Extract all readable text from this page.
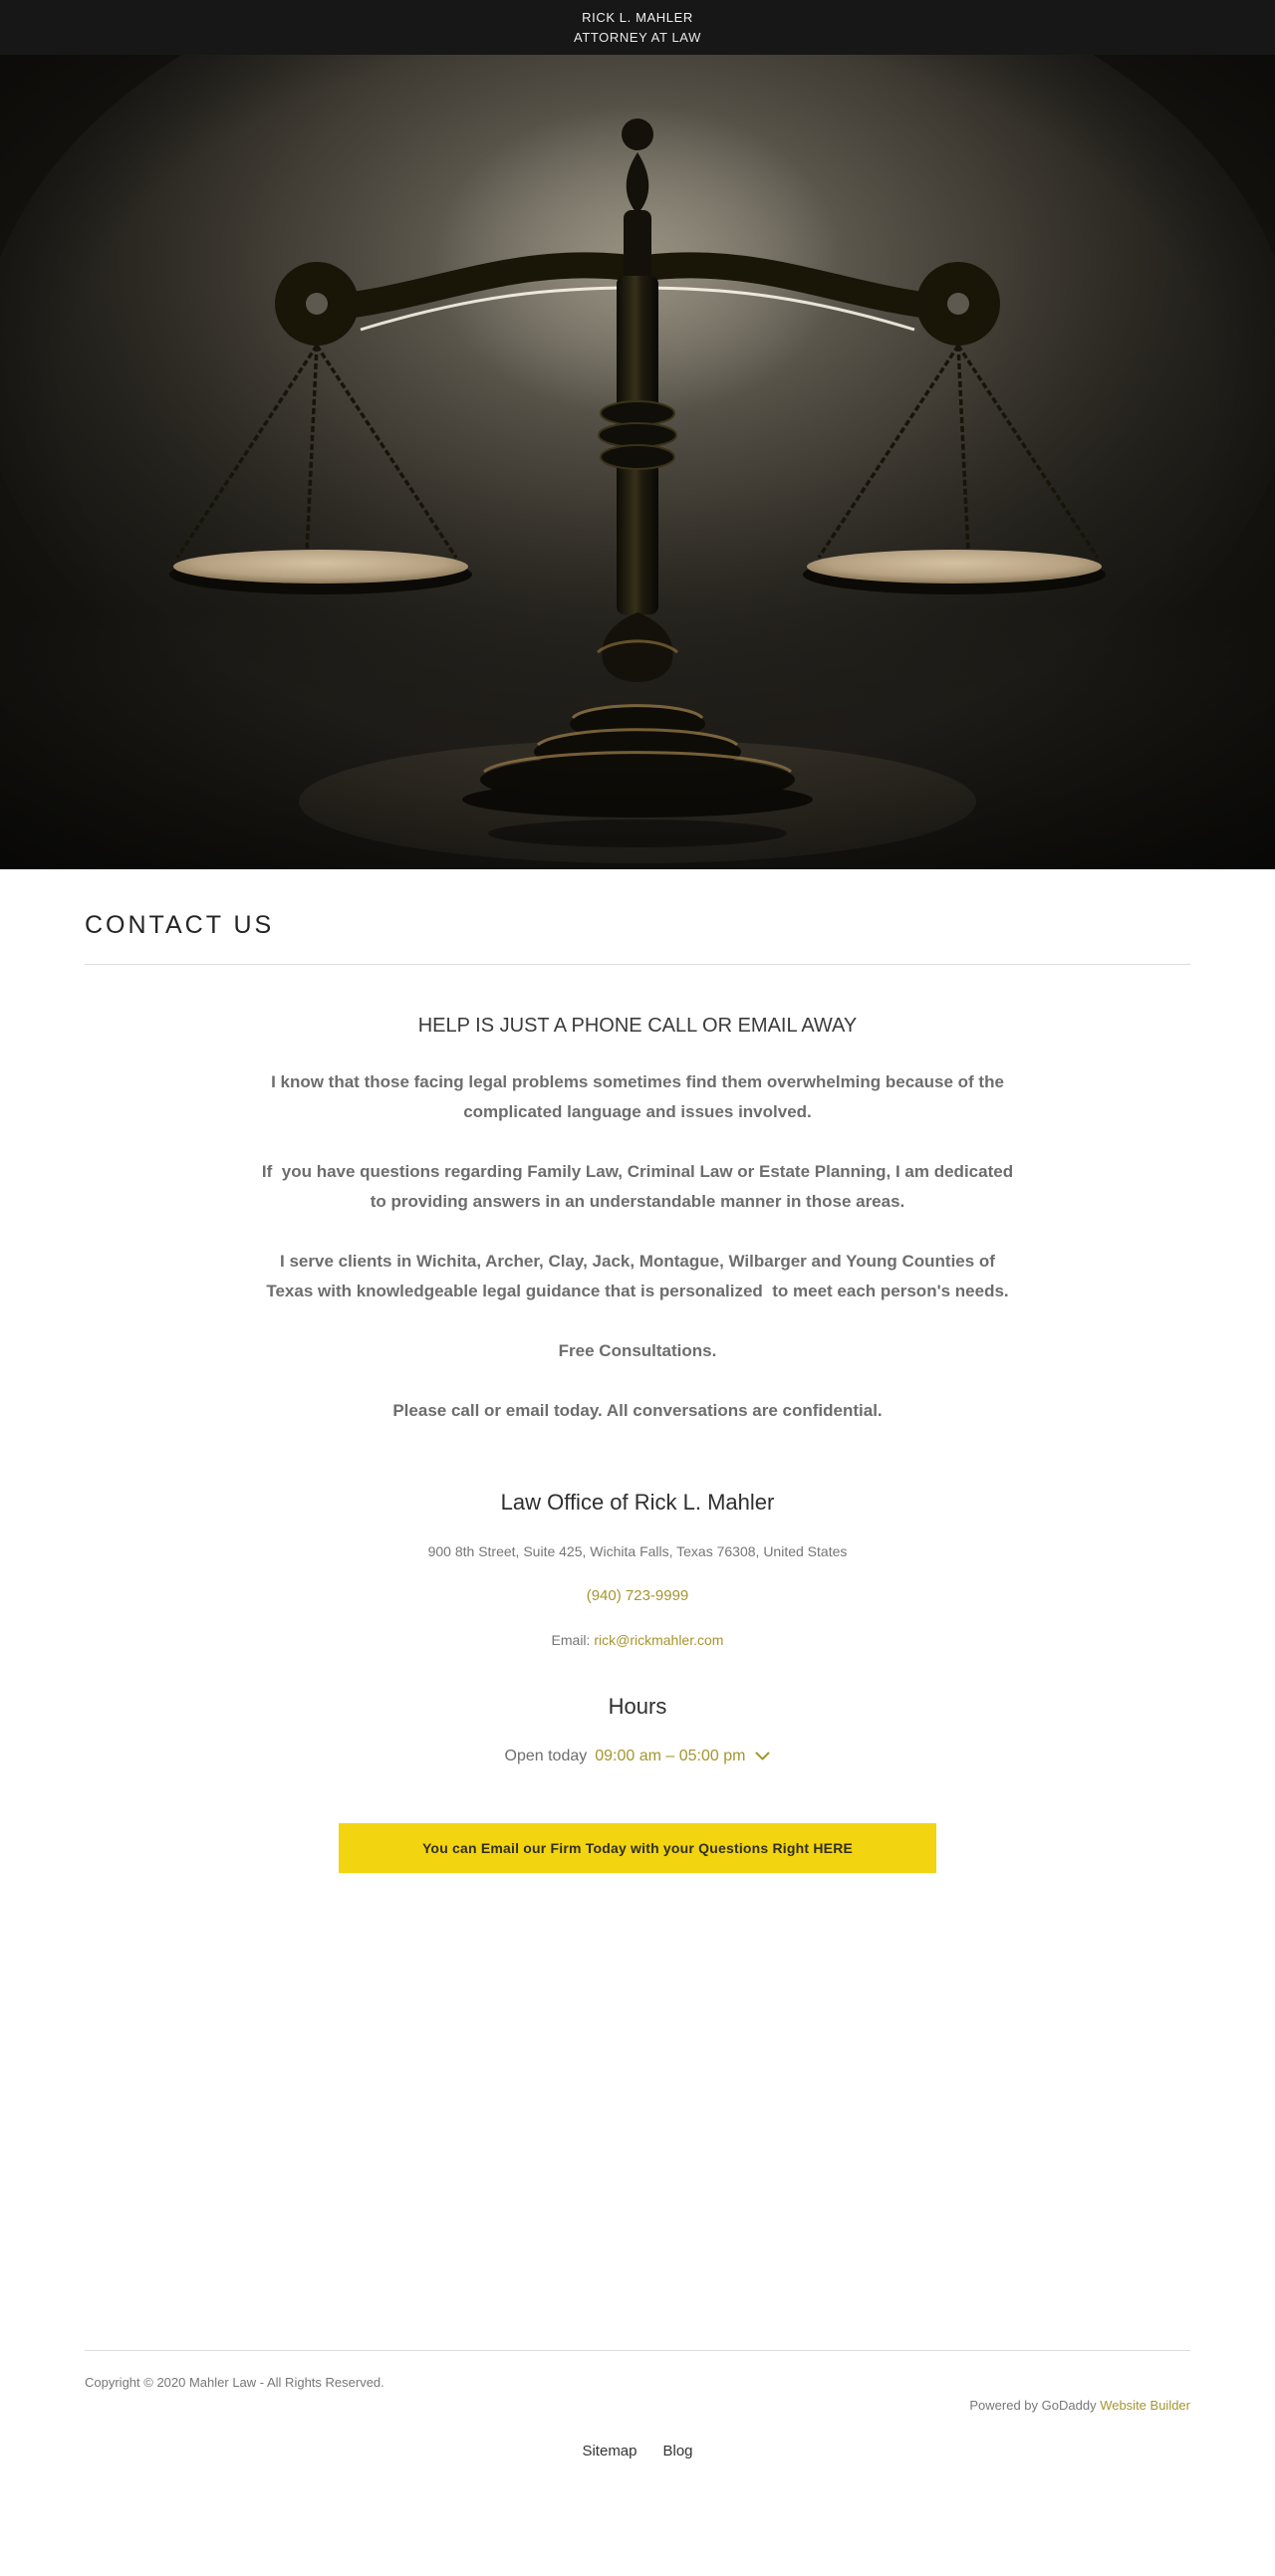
RICK L. MAHLER
ATTORNEY AT LAW
CONTACT US
HELP IS JUST A PHONE CALL OR EMAIL AWAY

I know that those facing legal problems sometimes find them overwhelming because of the complicated language and issues involved.

If  you have questions regarding Family Law, Criminal Law or Estate Planning, I am dedicated to providing answers in an understandable manner in those areas.

I serve clients in Wichita, Archer, Clay, Jack, Montague, Wilbarger and Young Counties of Texas with knowledgeable legal guidance that is personalized  to meet each person's needs.

Free Consultations.

Please call or email today. All conversations are confidential.

Law Office of Rick L. Mahler

900 8th Street, Suite 425, Wichita Falls, Texas 76308, United States

(940) 723-9999

Email: rick@rickmahler.com

Hours
Open today 09:00 am – 05:00 pm
You can Email our Firm Today with your Questions Right HERE
Copyright © 2020 Mahler Law - All Rights Reserved.
Powered by GoDaddy Website Builder
Sitemap Blog
